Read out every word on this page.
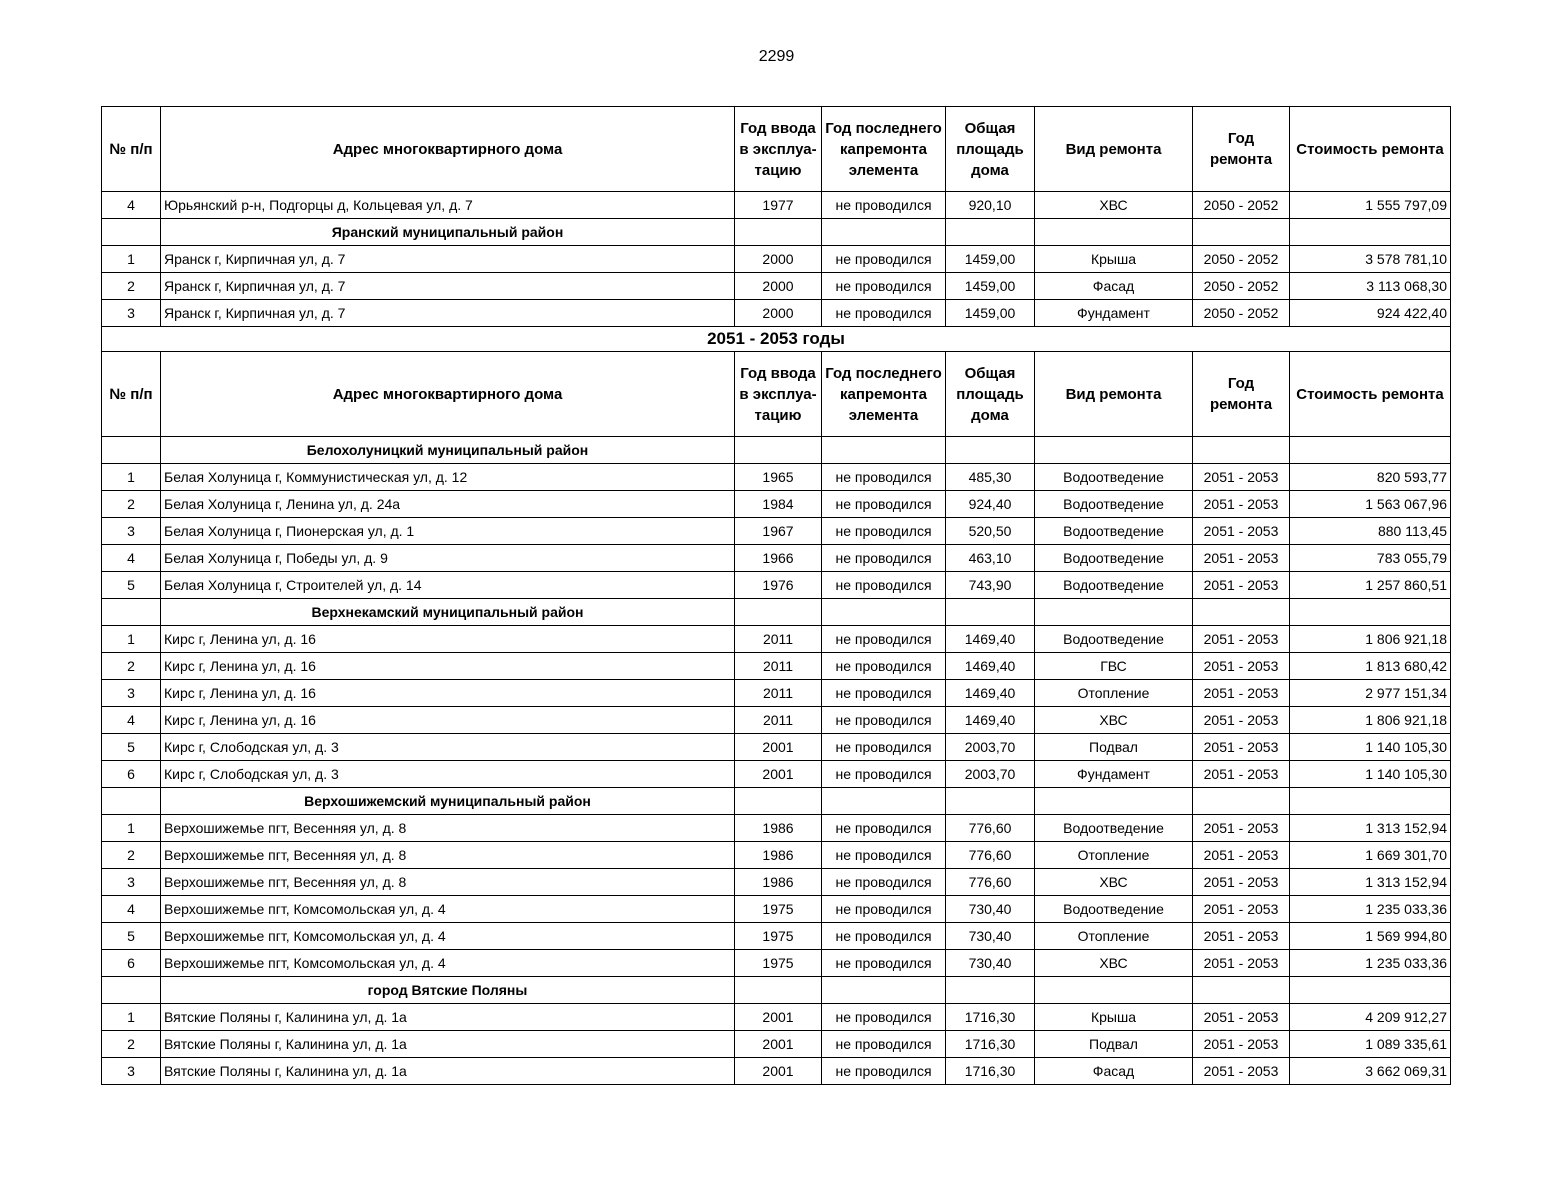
2299
№ п/п	Адрес многоквартирного дома	Год ввода в эксплуа-тацию	Год последнего капремонта элемента	Общая площадь дома	Вид ремонта	Год ремонта	Стоимость ремонта
4	Юрьянский р-н, Подгорцы д, Кольцевая ул, д. 7	1977	не проводился	920,10	ХВС	2050 - 2052	1 555 797,09
	Яранский муниципальный район						
1	Яранск г, Кирпичная ул, д. 7	2000	не проводился	1459,00	Крыша	2050 - 2052	3 578 781,10
2	Яранск г, Кирпичная ул, д. 7	2000	не проводился	1459,00	Фасад	2050 - 2052	3 113 068,30
3	Яранск г, Кирпичная ул, д. 7	2000	не проводился	1459,00	Фундамент	2050 - 2052	924 422,40
2051 - 2053 годы							
№ п/п	Адрес многоквартирного дома	Год ввода в эксплуа-тацию	Год последнего капремонта элемента	Общая площадь дома	Вид ремонта	Год ремонта	Стоимость ремонта
	Белохолуницкий муниципальный район						
1	Белая Холуница г, Коммунистическая ул, д. 12	1965	не проводился	485,30	Водоотведение	2051 - 2053	820 593,77
2	Белая Холуница г, Ленина ул, д. 24а	1984	не проводился	924,40	Водоотведение	2051 - 2053	1 563 067,96
3	Белая Холуница г, Пионерская ул, д. 1	1967	не проводился	520,50	Водоотведение	2051 - 2053	880 113,45
4	Белая Холуница г, Победы ул, д. 9	1966	не проводился	463,10	Водоотведение	2051 - 2053	783 055,79
5	Белая Холуница г, Строителей ул, д. 14	1976	не проводился	743,90	Водоотведение	2051 - 2053	1 257 860,51
	Верхнекамский муниципальный район						
1	Кирс г, Ленина ул, д. 16	2011	не проводился	1469,40	Водоотведение	2051 - 2053	1 806 921,18
2	Кирс г, Ленина ул, д. 16	2011	не проводился	1469,40	ГВС	2051 - 2053	1 813 680,42
3	Кирс г, Ленина ул, д. 16	2011	не проводился	1469,40	Отопление	2051 - 2053	2 977 151,34
4	Кирс г, Ленина ул, д. 16	2011	не проводился	1469,40	ХВС	2051 - 2053	1 806 921,18
5	Кирс г, Слободская ул, д. 3	2001	не проводился	2003,70	Подвал	2051 - 2053	1 140 105,30
6	Кирс г, Слободская ул, д. 3	2001	не проводился	2003,70	Фундамент	2051 - 2053	1 140 105,30
	Верхошижемский муниципальный район						
1	Верхошижемье пгт, Весенняя ул, д. 8	1986	не проводился	776,60	Водоотведение	2051 - 2053	1 313 152,94
2	Верхошижемье пгт, Весенняя ул, д. 8	1986	не проводился	776,60	Отопление	2051 - 2053	1 669 301,70
3	Верхошижемье пгт, Весенняя ул, д. 8	1986	не проводился	776,60	ХВС	2051 - 2053	1 313 152,94
4	Верхошижемье пгт, Комсомольская ул, д. 4	1975	не проводился	730,40	Водоотведение	2051 - 2053	1 235 033,36
5	Верхошижемье пгт, Комсомольская ул, д. 4	1975	не проводился	730,40	Отопление	2051 - 2053	1 569 994,80
6	Верхошижемье пгт, Комсомольская ул, д. 4	1975	не проводился	730,40	ХВС	2051 - 2053	1 235 033,36
	город Вятские Поляны						
1	Вятские Поляны г, Калинина ул, д. 1а	2001	не проводился	1716,30	Крыша	2051 - 2053	4 209 912,27
2	Вятские Поляны г, Калинина ул, д. 1а	2001	не проводился	1716,30	Подвал	2051 - 2053	1 089 335,61
3	Вятские Поляны г, Калинина ул, д. 1а	2001	не проводился	1716,30	Фасад	2051 - 2053	3 662 069,31
